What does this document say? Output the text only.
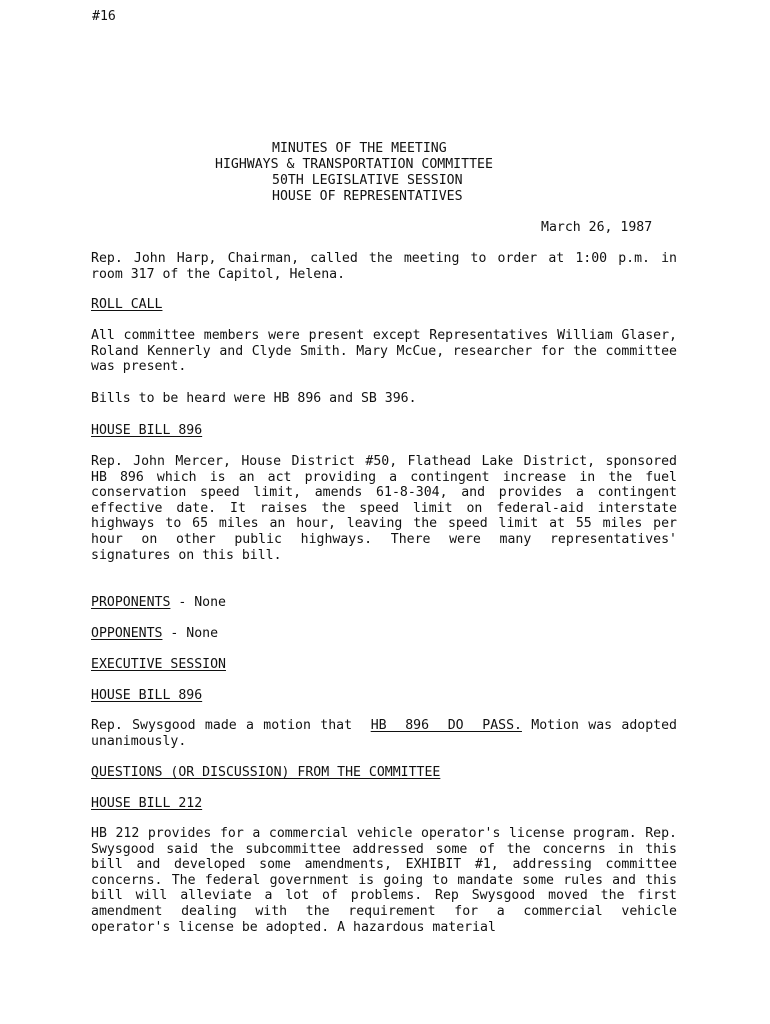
#16
MINUTES OF THE MEETING
HIGHWAYS & TRANSPORTATION COMMITTEE
50TH LEGISLATIVE SESSION
HOUSE OF REPRESENTATIVES
March 26, 1987

Rep. John Harp, Chairman, called the meeting to order at 1:00 p.m. in room 317 of the Capitol, Helena.

ROLL CALL

All committee members were present except Representatives William Glaser, Roland Kennerly and Clyde Smith. Mary McCue, researcher for the committee was present.

Bills to be heard were HB 896 and SB 396.

HOUSE BILL 896

Rep. John Mercer, House District #50, Flathead Lake District, sponsored HB 896 which is an act providing a contingent increase in the fuel conservation speed limit, amends 61-8-304, and provides a contingent effective date. It raises the speed limit on federal-aid interstate highways to 65 miles an hour, leaving the speed limit at 55 miles per hour on other public highways. There were many representatives' signatures on this bill.

PROPONENTS - None
OPPONENTS - None
EXECUTIVE SESSION
HOUSE BILL 896

Rep. Swysgood made a motion that  HB  896  DO  PASS. Motion was adopted unanimously.

QUESTIONS (OR DISCUSSION) FROM THE COMMITTEE
HOUSE BILL 212

HB 212 provides for a commercial vehicle operator's license program. Rep. Swysgood said the subcommittee addressed some of the concerns in this bill and developed some amendments, EXHIBIT #1, addressing committee concerns. The federal government is going to mandate some rules and this bill will alleviate a lot of problems. Rep Swysgood moved the first amendment dealing with the requirement for a commercial vehicle operator's license be adopted. A hazardous material
